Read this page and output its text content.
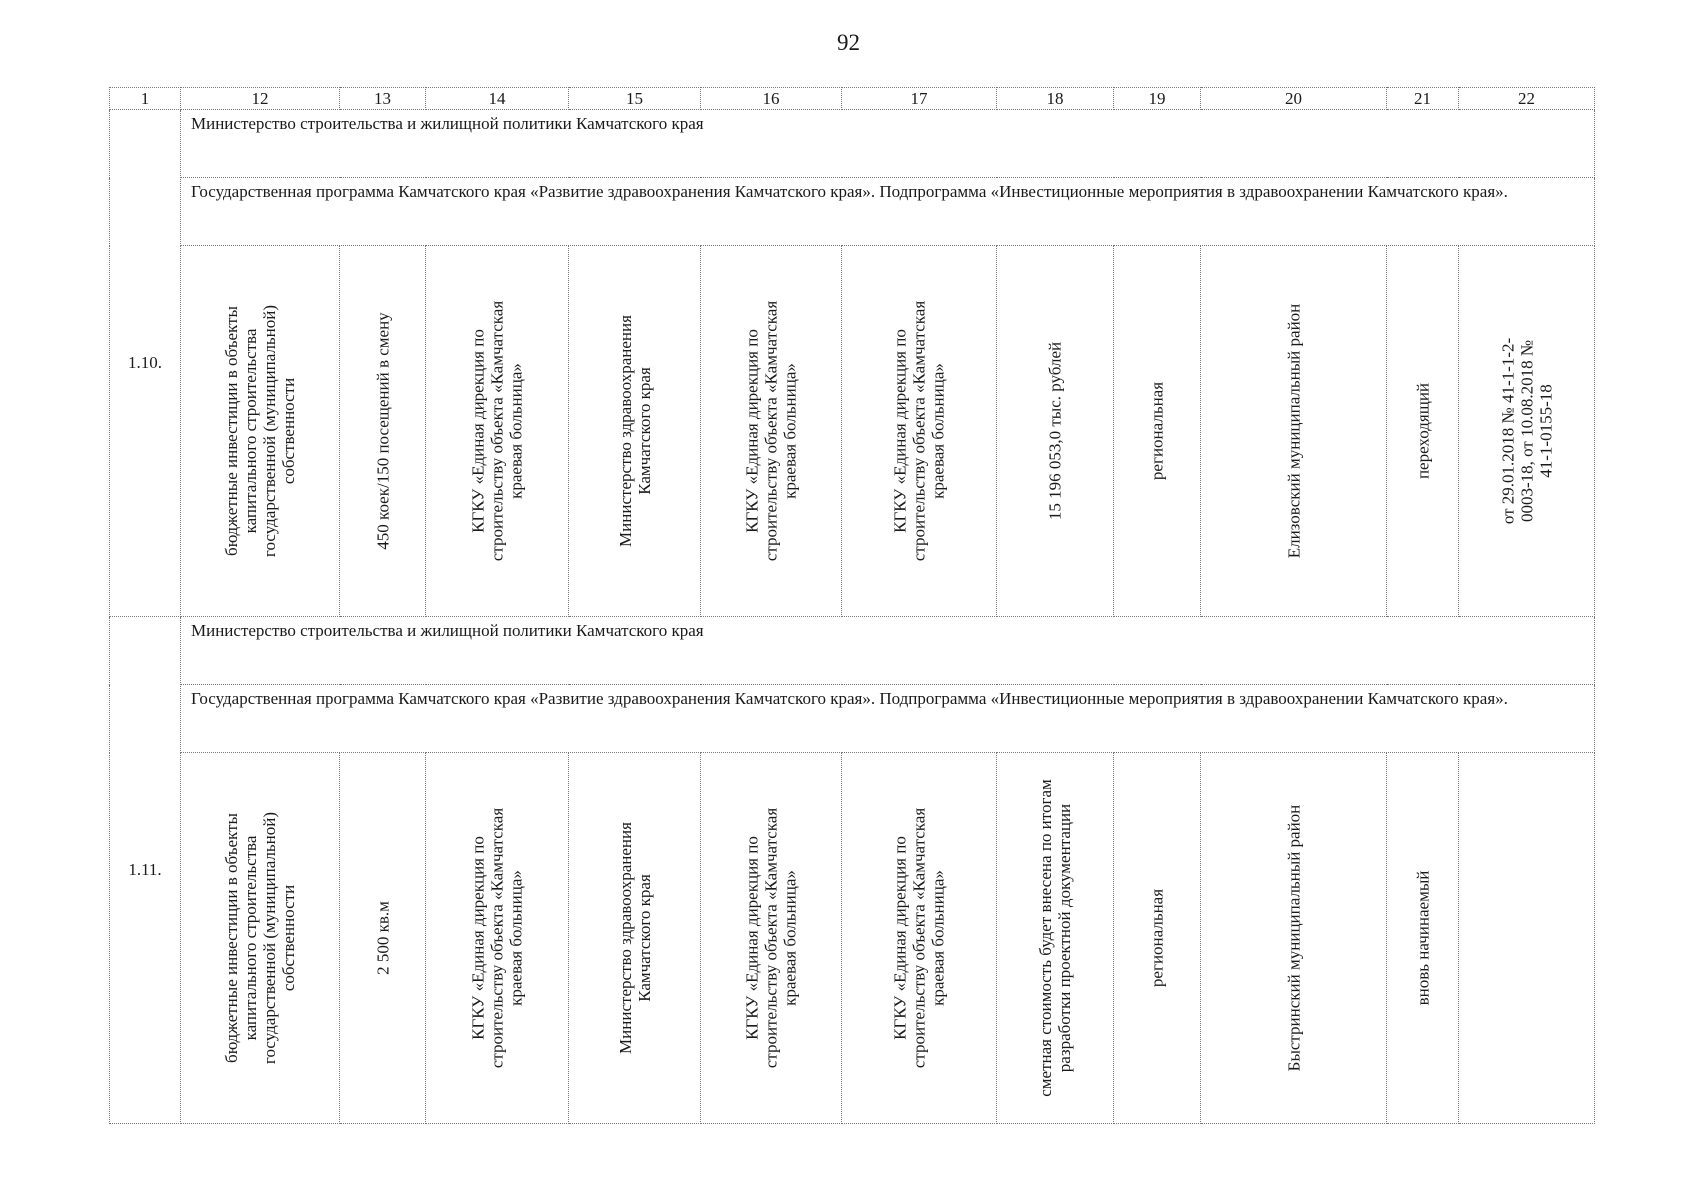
92
1	12	13	14	15	16	17	18	19	20	21	22
1.10.	Министерство строительства и жилищной политики Камчатского края										
	Государственная программа Камчатского края «Развитие здравоохранения Камчатского края». Подпрограмма «Инвестиционные мероприятия в здравоохранении Камчатского края».										

	бюджетные инвестиции в объекты капитального строительства государственной (муниципальной) собственности	450 коек/150 посещений в смену	КГКУ «Единая дирекция по строительству объекта «Камчатская краевая больница»	Министерство здравоохранения Камчатского края	КГКУ «Единая дирекция по строительству объекта «Камчатская краевая больница»	КГКУ «Единая дирекция по строительству объекта «Камчатская краевая больница»	15 196 053,0 тыс. рублей	региональная	Елизовский муниципальный район	переходящий	от 29.01.2018 № 41-1-1-2-0003-18, от 10.08.2018 № 41-1-0155-18

1.11.	Министерство строительства и жилищной политики Камчатского края										
	Государственная программа Камчатского края «Развитие здравоохранения Камчатского края». Подпрограмма «Инвестиционные мероприятия в здравоохранении Камчатского края».										

	бюджетные инвестиции в объекты капитального строительства государственной (муниципальной) собственности	2 500 кв.м	КГКУ «Единая дирекция по строительству объекта «Камчатская краевая больница»	Министерство здравоохранения Камчатского края	КГКУ «Единая дирекция по строительству объекта «Камчатская краевая больница»	КГКУ «Единая дирекция по строительству объекта «Камчатская краевая больница»	сметная стоимость будет внесена по итогам разработки проектной документации	региональная	Быстринский муниципальный район	вновь начинаемый	
